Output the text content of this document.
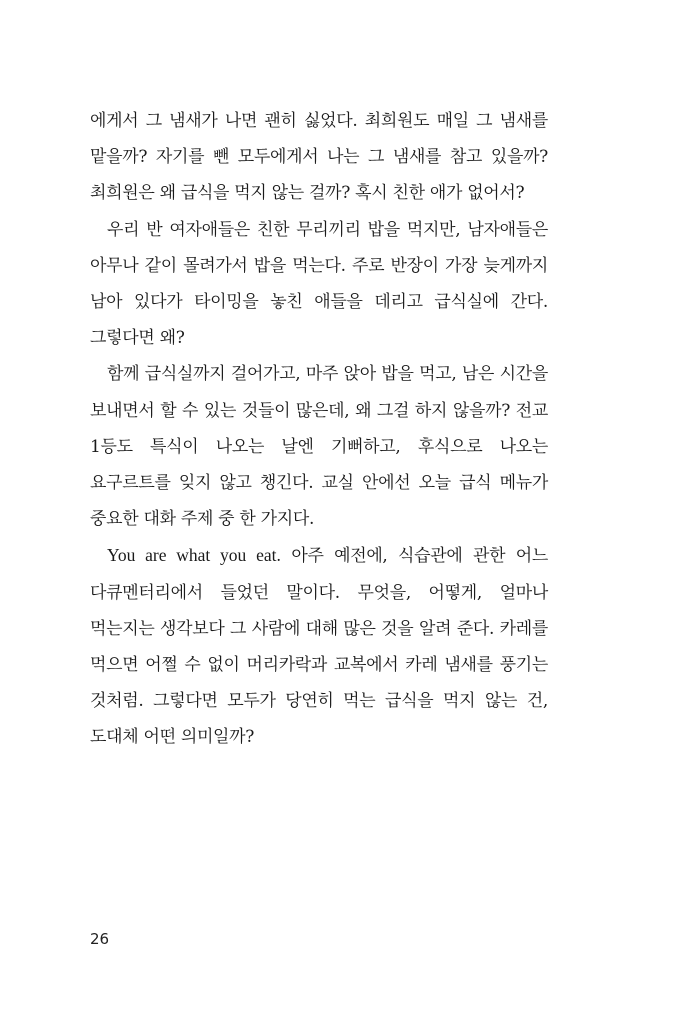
에게서 그 냄새가 나면 괜히 싫었다. 최희원도 매일 그 냄새를 맡을까? 자기를 뺀 모두에게서 나는 그 냄새를 참고 있을까? 최희원은 왜 급식을 먹지 않는 걸까? 혹시 친한 애가 없어서?

우리 반 여자애들은 친한 무리끼리 밥을 먹지만, 남자애들은 아무나 같이 몰려가서 밥을 먹는다. 주로 반장이 가장 늦게까지 남아 있다가 타이밍을 놓친 애들을 데리고 급식실에 간다. 그렇다면 왜?

함께 급식실까지 걸어가고, 마주 앉아 밥을 먹고, 남은 시간을 보내면서 할 수 있는 것들이 많은데, 왜 그걸 하지 않을까? 전교 1등도 특식이 나오는 날엔 기뻐하고, 후식으로 나오는 요구르트를 잊지 않고 챙긴다. 교실 안에선 오늘 급식 메뉴가 중요한 대화 주제 중 한 가지다.

You are what you eat. 아주 예전에, 식습관에 관한 어느 다큐멘터리에서 들었던 말이다. 무엇을, 어떻게, 얼마나 먹는지는 생각보다 그 사람에 대해 많은 것을 알려 준다. 카레를 먹으면 어쩔 수 없이 머리카락과 교복에서 카레 냄새를 풍기는 것처럼. 그렇다면 모두가 당연히 먹는 급식을 먹지 않는 건, 도대체 어떤 의미일까?

26
